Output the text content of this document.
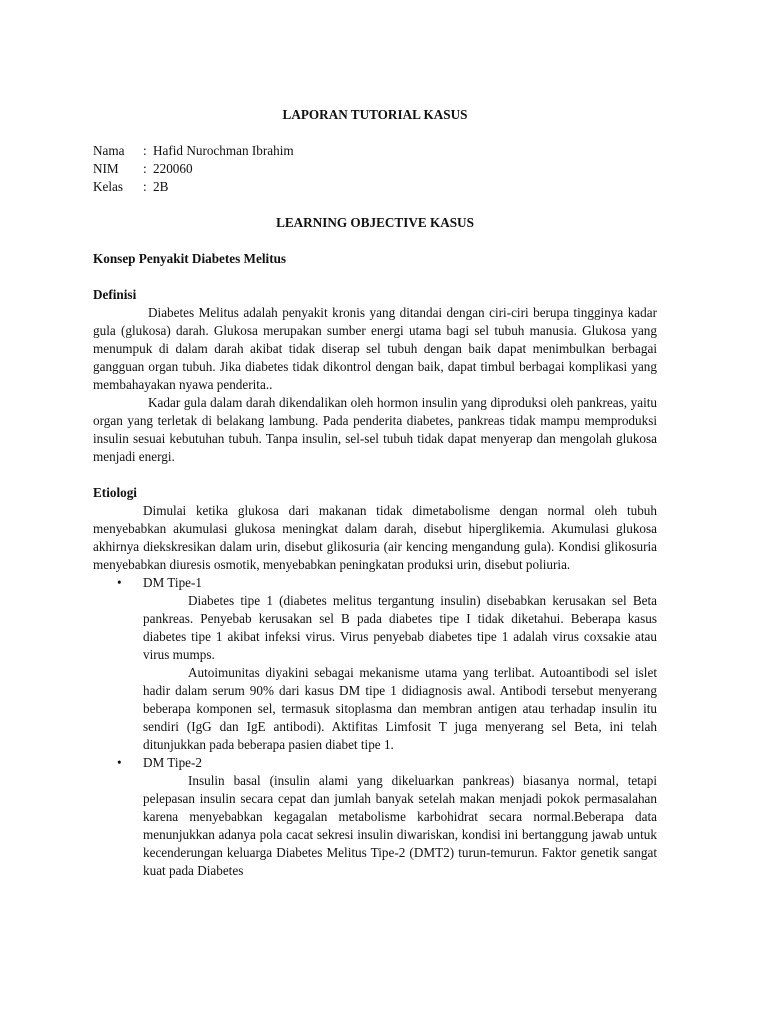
LAPORAN TUTORIAL KASUS

Nama	: Hafid Nurochman Ibrahim
NIM	: 220060
Kelas	: 2B

LEARNING OBJECTIVE KASUS

Konsep Penyakit Diabetes Melitus

Definisi

Diabetes Melitus adalah penyakit kronis yang ditandai dengan ciri-ciri berupa tingginya kadar gula (glukosa) darah. Glukosa merupakan sumber energi utama bagi sel tubuh manusia. Glukosa yang menumpuk di dalam darah akibat tidak diserap sel tubuh dengan baik dapat menimbulkan berbagai gangguan organ tubuh. Jika diabetes tidak dikontrol dengan baik, dapat timbul berbagai komplikasi yang membahayakan nyawa penderita..

Kadar gula dalam darah dikendalikan oleh hormon insulin yang diproduksi oleh pankreas, yaitu organ yang terletak di belakang lambung. Pada penderita diabetes, pankreas tidak mampu memproduksi insulin sesuai kebutuhan tubuh. Tanpa insulin, sel-sel tubuh tidak dapat menyerap dan mengolah glukosa menjadi energi.

Etiologi

Dimulai ketika glukosa dari makanan tidak dimetabolisme dengan normal oleh tubuh menyebabkan akumulasi glukosa meningkat dalam darah, disebut hiperglikemia. Akumulasi glukosa akhirnya diekskresikan dalam urin, disebut glikosuria (air kencing mengandung gula). Kondisi glikosuria menyebabkan diuresis osmotik, menyebabkan peningkatan produksi urin, disebut poliuria.

•	DM Tipe-1

Diabetes tipe 1 (diabetes melitus tergantung insulin) disebabkan kerusakan sel Beta pankreas. Penyebab kerusakan sel B pada diabetes tipe I tidak diketahui. Beberapa kasus diabetes tipe 1 akibat infeksi virus. Virus penyebab diabetes tipe 1 adalah virus coxsakie atau virus mumps.

Autoimunitas diyakini sebagai mekanisme utama yang terlibat. Autoantibodi sel islet hadir dalam serum 90% dari kasus DM tipe 1 didiagnosis awal. Antibodi tersebut menyerang beberapa komponen sel, termasuk sitoplasma dan membran antigen atau terhadap insulin itu sendiri (IgG dan IgE antibodi). Aktifitas Limfosit T juga menyerang sel Beta, ini telah ditunjukkan pada beberapa pasien diabet tipe 1.

•	DM Tipe-2

Insulin basal (insulin alami yang dikeluarkan pankreas) biasanya normal, tetapi pelepasan insulin secara cepat dan jumlah banyak setelah makan menjadi pokok permasalahan karena menyebabkan kegagalan metabolisme karbohidrat secara normal.Beberapa data menunjukkan adanya pola cacat sekresi insulin diwariskan, kondisi ini bertanggung jawab untuk kecenderungan keluarga Diabetes Melitus Tipe-2 (DMT2) turun-temurun. Faktor genetik sangat kuat pada Diabetes
